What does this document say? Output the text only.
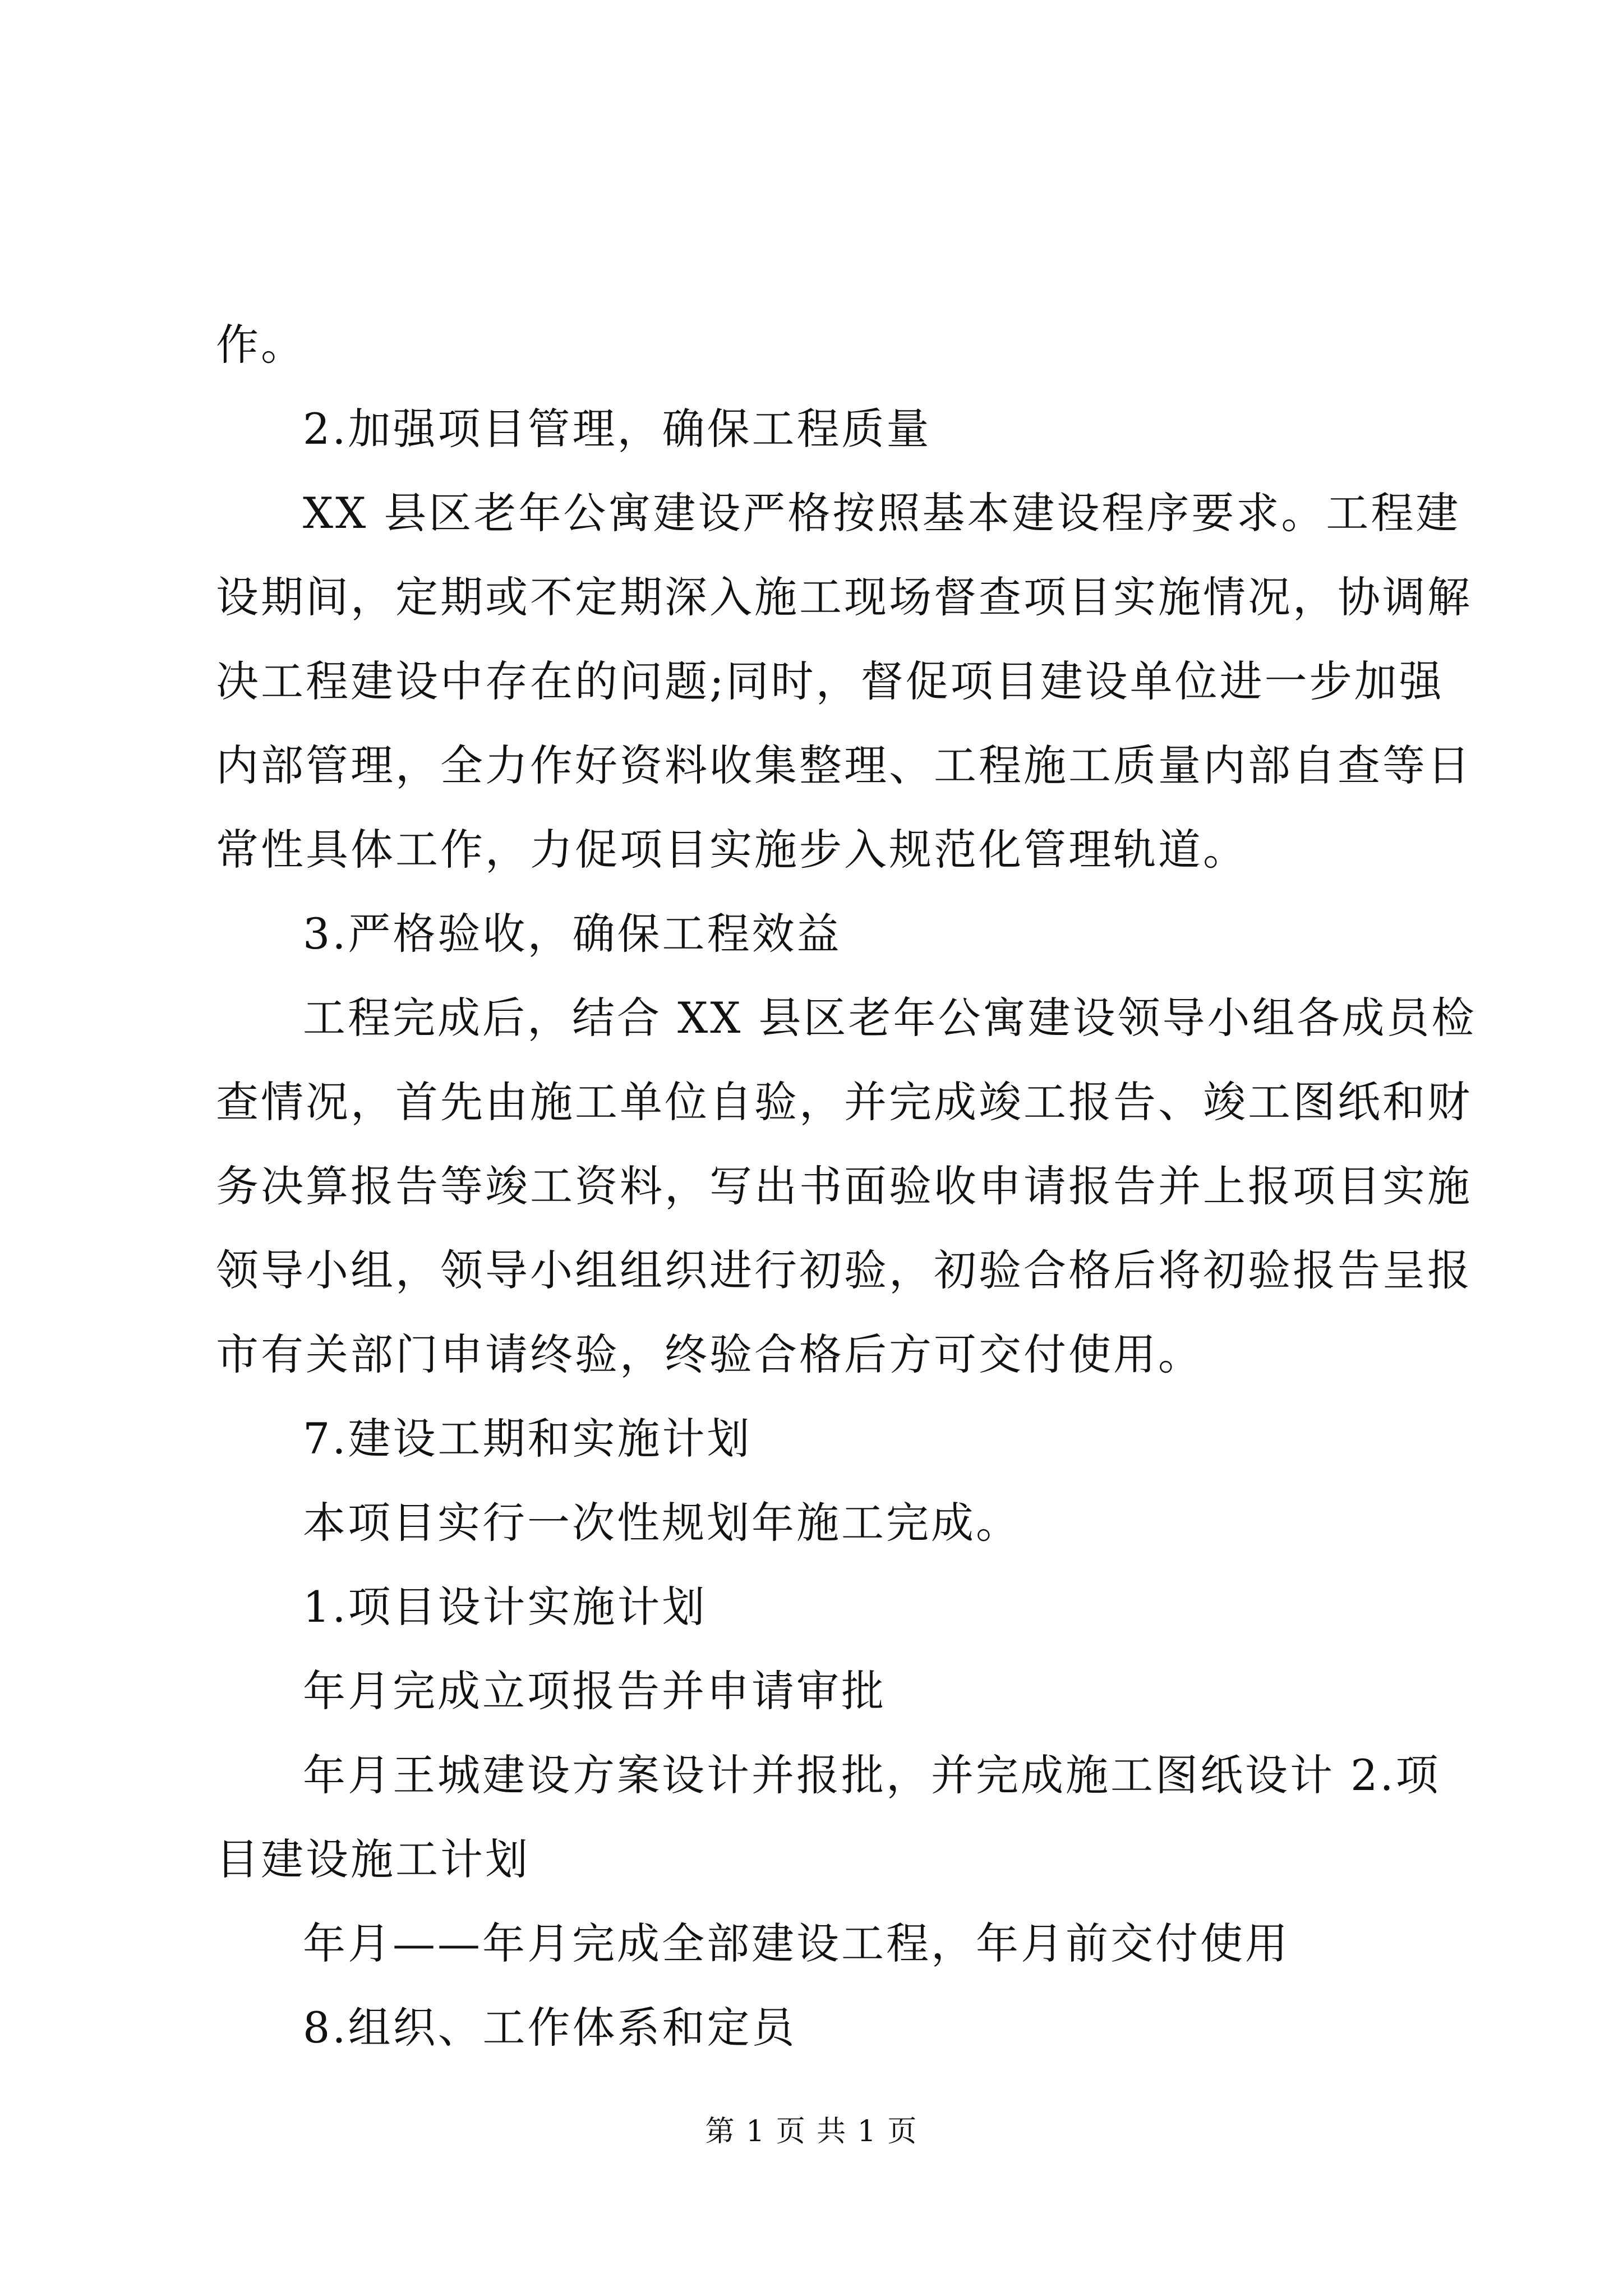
作。
2.加强项目管理，确保工程质量
XX 县区老年公寓建设严格按照基本建设程序要求。工程建
设期间，定期或不定期深入施工现场督查项目实施情况，协调解
决工程建设中存在的问题;同时，督促项目建设单位进一步加强
内部管理，全力作好资料收集整理、工程施工质量内部自查等日
常性具体工作，力促项目实施步入规范化管理轨道。
3.严格验收，确保工程效益
工程完成后，结合 XX 县区老年公寓建设领导小组各成员检
查情况，首先由施工单位自验，并完成竣工报告、竣工图纸和财
务决算报告等竣工资料，写出书面验收申请报告并上报项目实施
领导小组，领导小组组织进行初验，初验合格后将初验报告呈报
市有关部门申请终验，终验合格后方可交付使用。
7.建设工期和实施计划
本项目实行一次性规划年施工完成。
1.项目设计实施计划
年月完成立项报告并申请审批
年月王城建设方案设计并报批，并完成施工图纸设计 2.项
目建设施工计划
年月——年月完成全部建设工程，年月前交付使用
8.组织、工作体系和定员
第 1 页 共 1 页
